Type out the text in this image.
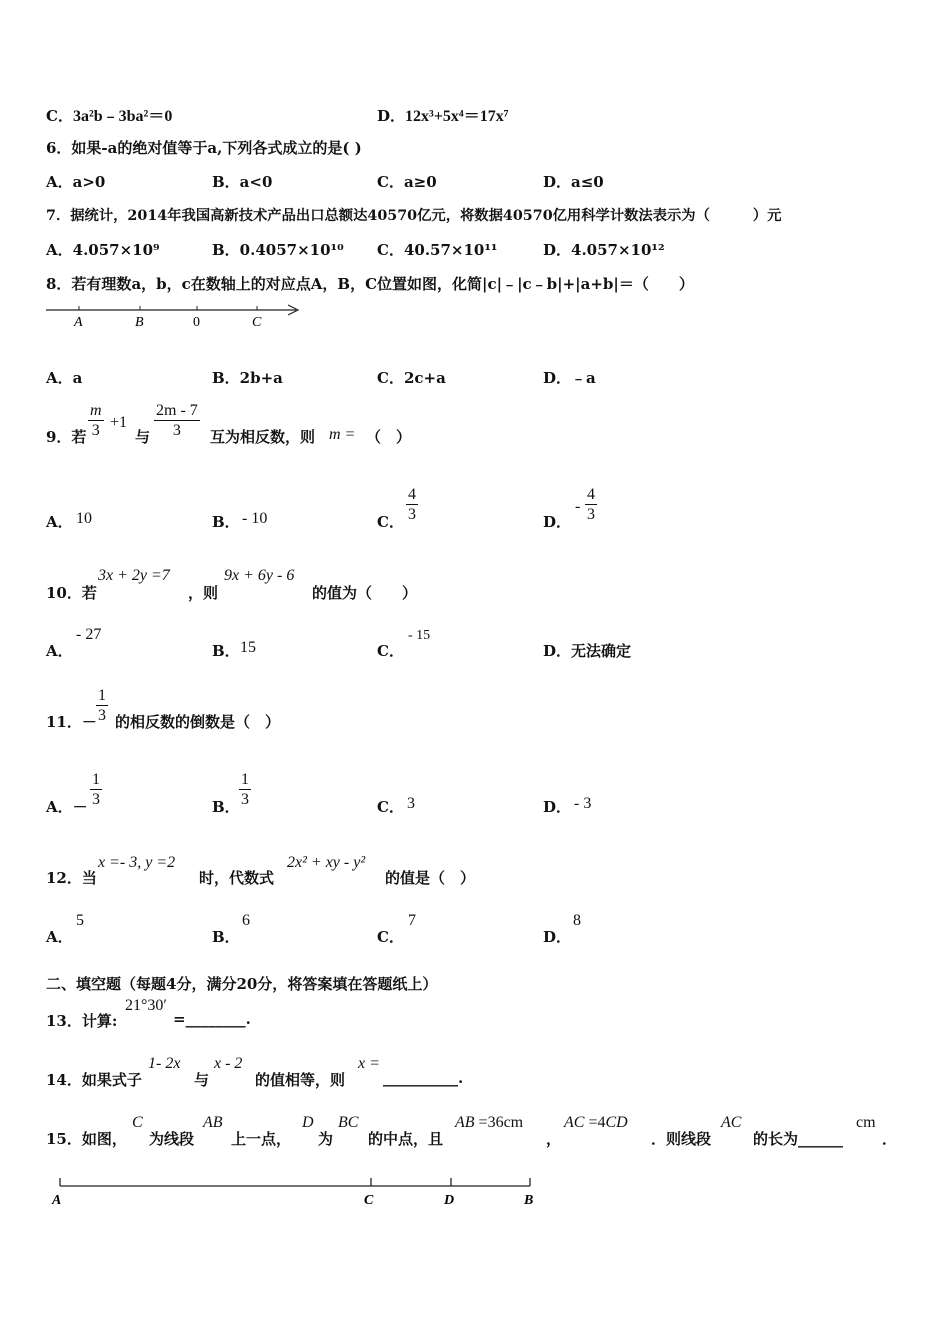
C．3a²b﹣3ba²＝0	D．12x³+5x⁴＝17x⁷
6．如果-a的绝对值等于a,下列各式成立的是( )
A．a>0	B．a<0	C．a≥0	D．a≤0
7．据统计，2014年我国高新技术产品出口总额达40570亿元，将数据40570亿用科学计数法表示为（　　　）元
A．4.057×10⁹	B．0.4057×10¹⁰ C．40.57×10¹¹	D．4.057×10¹²
8．若有理数a，b，c在数轴上的对应点A，B，C位置如图，化简|c|﹣|c﹣b|+|a+b|＝（　　）
A	B	0	C
A．a	B．2b+a	C．2c+a	D．﹣a
9．若 $\frac{m}{3} +1$
与 $\frac{2m - 7}{3}$ 互为相反数，则 m = （　）
A． 10	B． - 10	C． $\frac{4}{3}$	D．
- $\frac{4}{3}$
10．若
3x + 2y =7
，则
9x + 6y - 6
的值为（　　）
A．
- 27
B． 15	C．
- 15
D．无法确定
11．－ $\frac{1}{3}$ 的相反数的倒数是（　）
A．－ $\frac{1}{3}$	B． $\frac{1}{3}$	C． 3	D． - 3
12．当
x =- 3, y =2
时，代数式
2x² + xy - y²
的值是（　）
A．
5
B．
6
C．
7
D．
8
二、填空题（每题4分，满分20分，将答案填在答题纸上）
13．计算:
21°30′
=________.
14．如果式子
1- 2x
与
x - 2
的值相等，则
x =
__________.
15．如图，
C
为线段
AB
上一点，
D
为
BC
的中点，且
AB =36cm
，
AC =4CD
．则线段
AC
的长为______
cm
．
A	C	D	B
